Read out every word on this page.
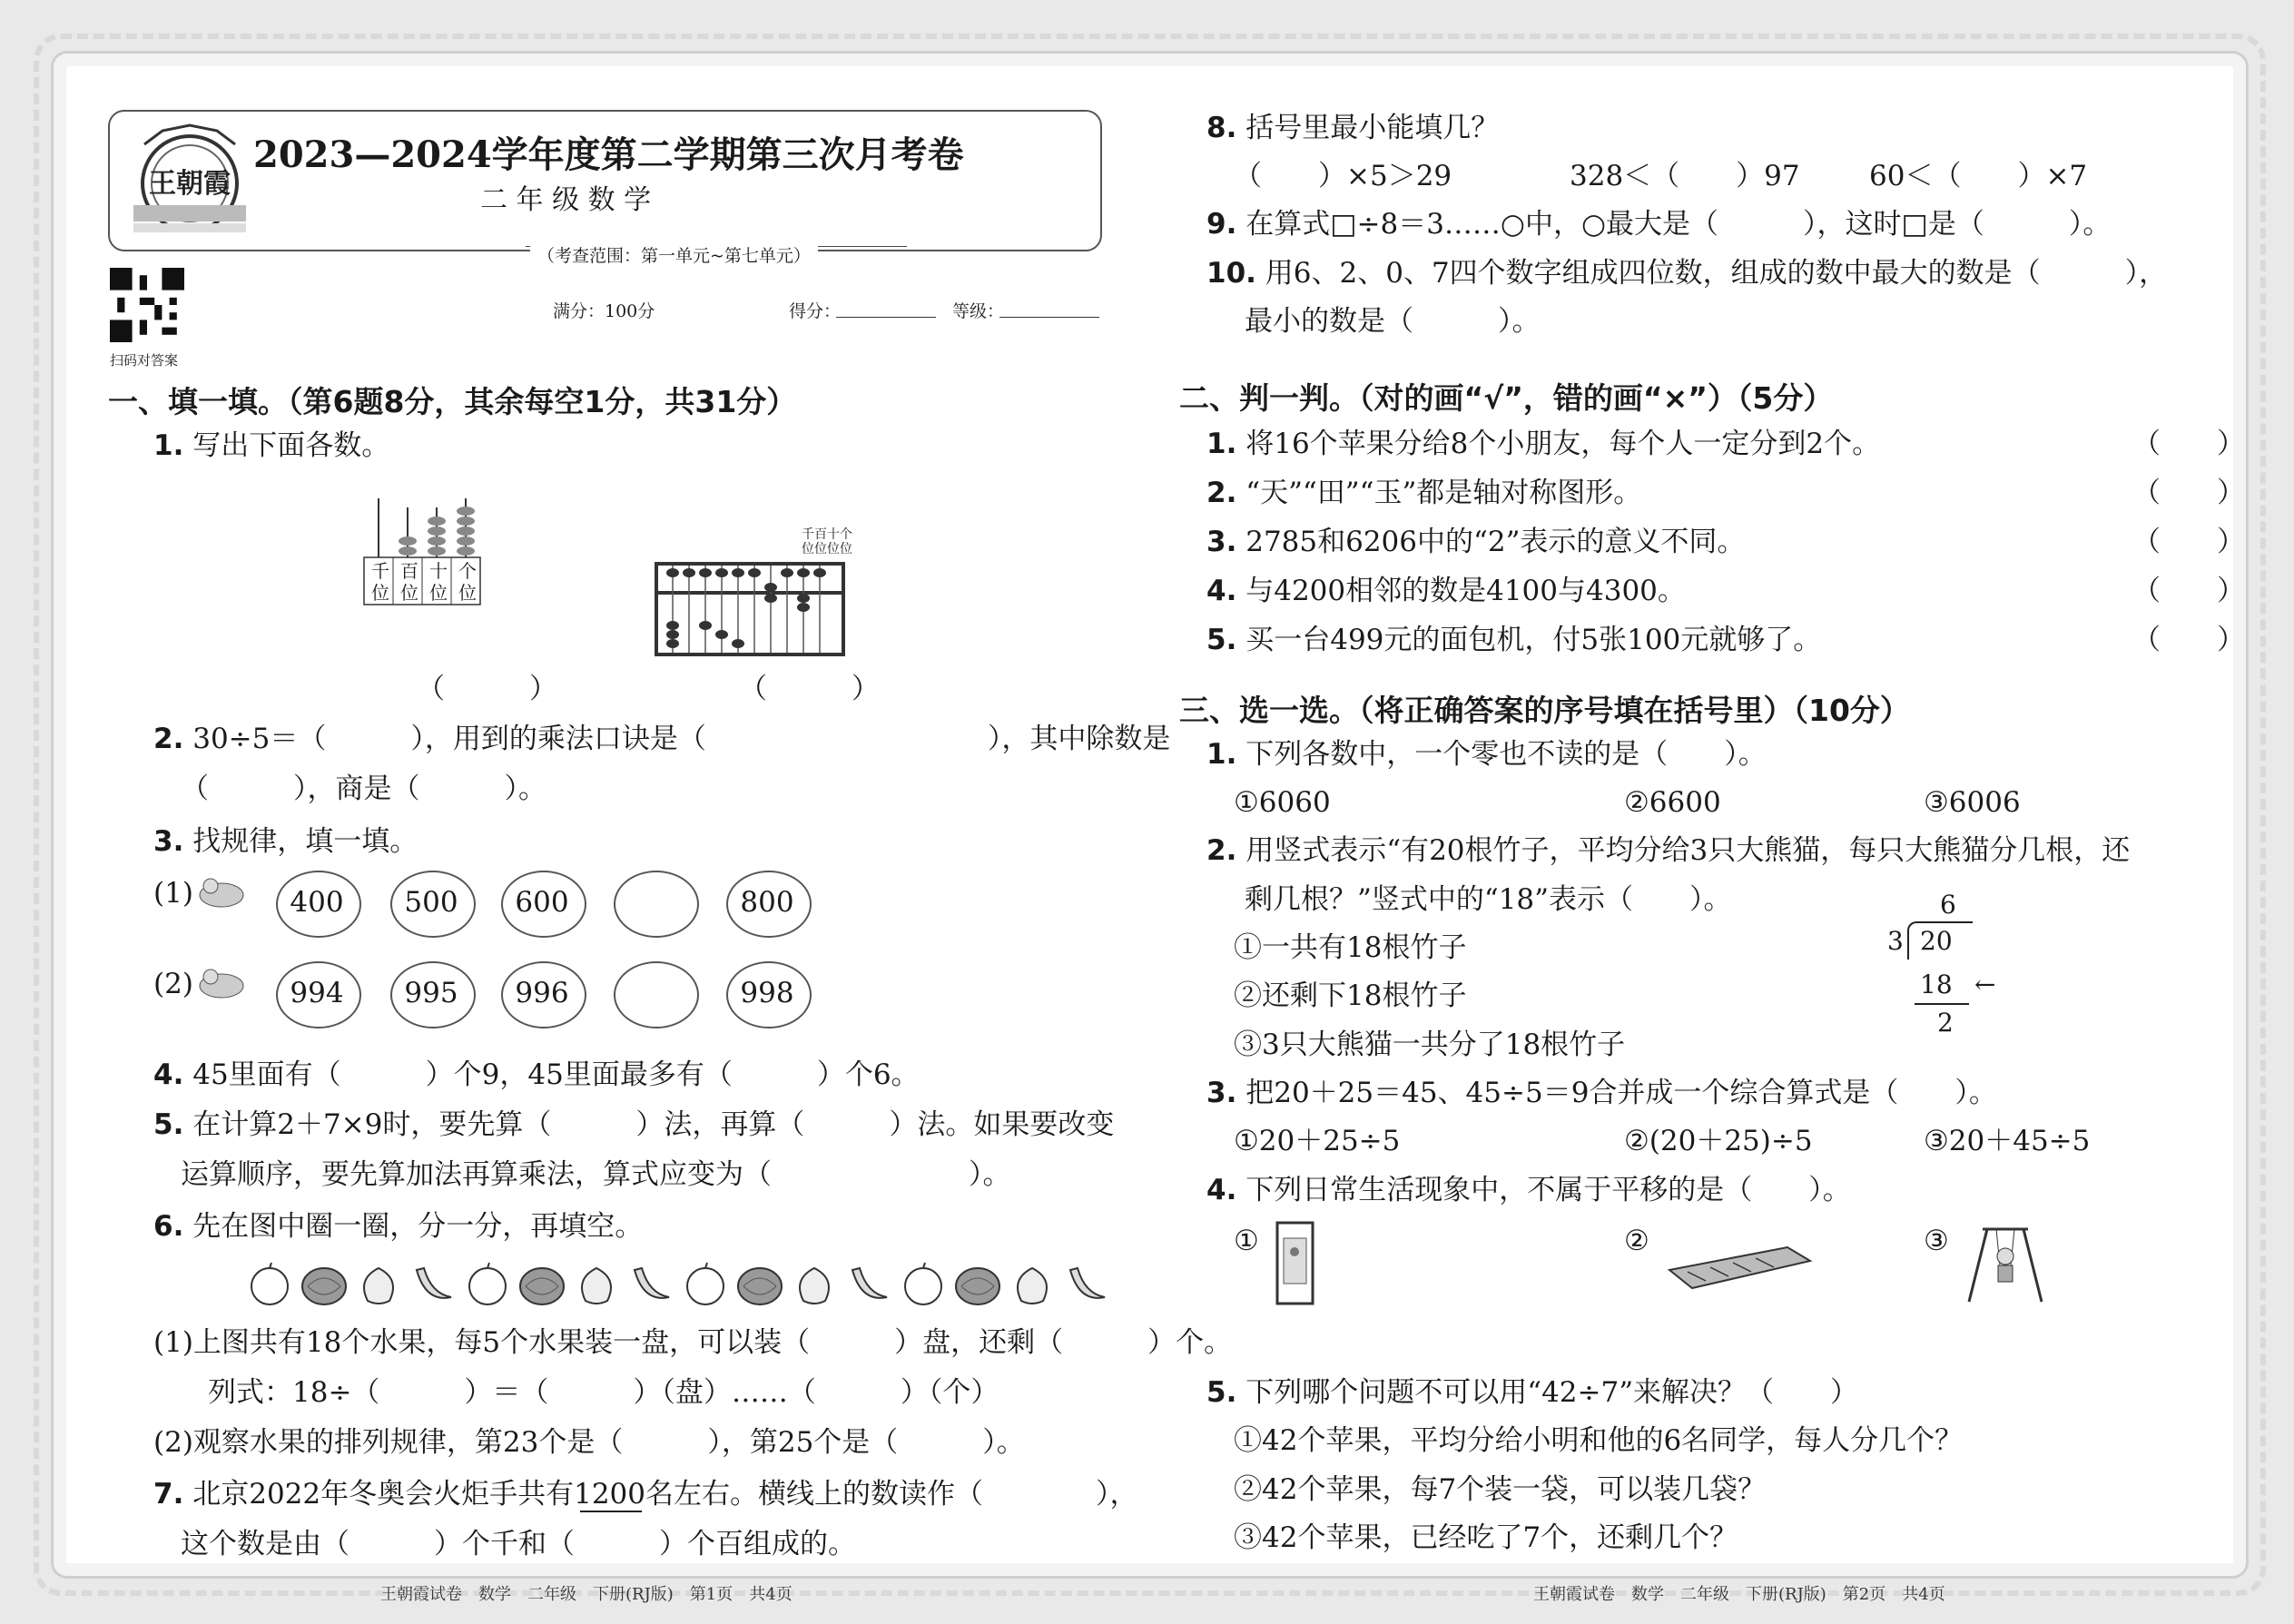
王朝霞
2023—2024学年度第二学期第三次月考卷
二 年 级 数 学
（考查范围：第一单元~第七单元）
扫码对答案
满分：100分	得分：	等级：
一、填一填。（第6题8分，其余每空1分，共31分）
1. 写出下面各数。
千位
百位
十位
个位
千百十个 位位位位
（　　　）	（　　　）
2. 30÷5＝（　　　），用到的乘法口诀是（　　　　　　　　　　），其中除数是
（　　　），商是（　　　）。
3. 找规律，填一填。
(1)
(2)
400	500	600	800
994	995	996	998
4. 45里面有（　　　）个9，45里面最多有（　　　）个6。
5. 在计算2＋7×9时，要先算（　　　）法，再算（　　　）法。如果要改变
运算顺序，要先算加法再算乘法，算式应变为（　　　　　　　）。
6. 先在图中圈一圈，分一分，再填空。
(1)上图共有18个水果，每5个水果装一盘，可以装（　　　）盘，还剩（　　　）个。
列式：18÷（　　　）＝（　　　）（盘）……（　　　）（个）
(2)观察水果的排列规律，第23个是（　　　），第25个是（　　　）。
7. 北京2022年冬奥会火炬手共有1200名左右。横线上的数读作（　　　　），
这个数是由（　　　）个千和（　　　）个百组成的。
王朝霞试卷　数学　二年级　下册(RJ版)　第1页　共4页
8. 括号里最小能填几？
（　　）×5＞29	328＜（　　）97 60＜（　　）×7
9. 在算式□÷8＝3……○中，○最大是（　　　），这时□是（　　　）。
10. 用6、2、0、7四个数字组成四位数，组成的数中最大的数是（　　　），
最小的数是（　　　）。
二、判一判。（对的画“√”，错的画“×”）（5分）
1. 将16个苹果分给8个小朋友，每个人一定分到2个。	（　　）
2. “天”“田”“玉”都是轴对称图形。	（　　）
3. 2785和6206中的“2”表示的意义不同。	（　　）
4. 与4200相邻的数是4100与4300。	（　　）
5. 买一台499元的面包机，付5张100元就够了。	（　　）
三、选一选。（将正确答案的序号填在括号里）（10分）
1. 下列各数中，一个零也不读的是（　　）。
①6060	②6600	③6006
2. 用竖式表示“有20根竹子，平均分给3只大熊猫，每只大熊猫分几根，还
剩几根？”竖式中的“18”表示（　　）。
①一共有18根竹子
②还剩下18根竹子
③3只大熊猫一共分了18根竹子
6
3 20
18 ←
2
3. 把20＋25＝45、45÷5＝9合并成一个综合算式是（　　）。
①20＋25÷5	②(20＋25)÷5	③20＋45÷5
4. 下列日常生活现象中，不属于平移的是（　　）。
①	②	③
5. 下列哪个问题不可以用“42÷7”来解决？（　　）
①42个苹果，平均分给小明和他的6名同学，每人分几个？
②42个苹果，每7个装一袋，可以装几袋？
③42个苹果，已经吃了7个，还剩几个？
王朝霞试卷　数学　二年级　下册(RJ版)　第2页　共4页
